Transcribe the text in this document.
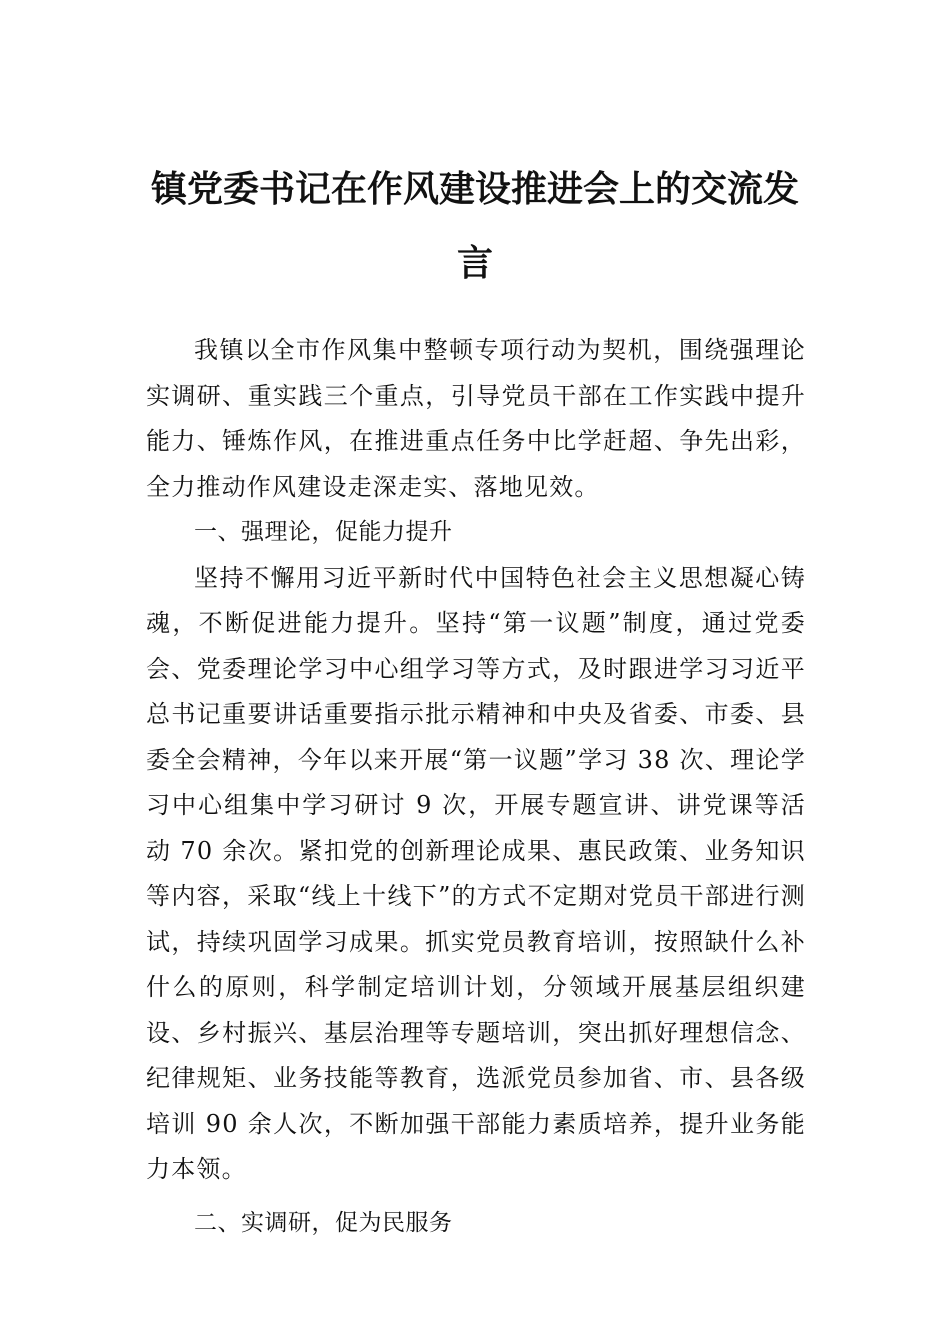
镇党委书记在作风建设推进会上的交流发言

我镇以全市作风集中整顿专项行动为契机，围绕强理论实调研、重实践三个重点，引导党员干部在工作实践中提升能力、锤炼作风，在推进重点任务中比学赶超、争先出彩，全力推动作风建设走深走实、落地见效。

一、强理论，促能力提升

坚持不懈用习近平新时代中国特色社会主义思想凝心铸魂，不断促进能力提升。坚持“第一议题”制度，通过党委会、党委理论学习中心组学习等方式，及时跟进学习习近平总书记重要讲话重要指示批示精神和中央及省委、市委、县委全会精神，今年以来开展“第一议题”学习 38 次、理论学习中心组集中学习研讨 9 次，开展专题宣讲、讲党课等活动 70 余次。紧扣党的创新理论成果、惠民政策、业务知识等内容，采取“线上十线下”的方式不定期对党员干部进行测试，持续巩固学习成果。抓实党员教育培训，按照缺什么补什么的原则，科学制定培训计划，分领域开展基层组织建设、乡村振兴、基层治理等专题培训，突出抓好理想信念、纪律规矩、业务技能等教育，选派党员参加省、市、县各级培训 90 余人次，不断加强干部能力素质培养，提升业务能力本领。

二、实调研，促为民服务
